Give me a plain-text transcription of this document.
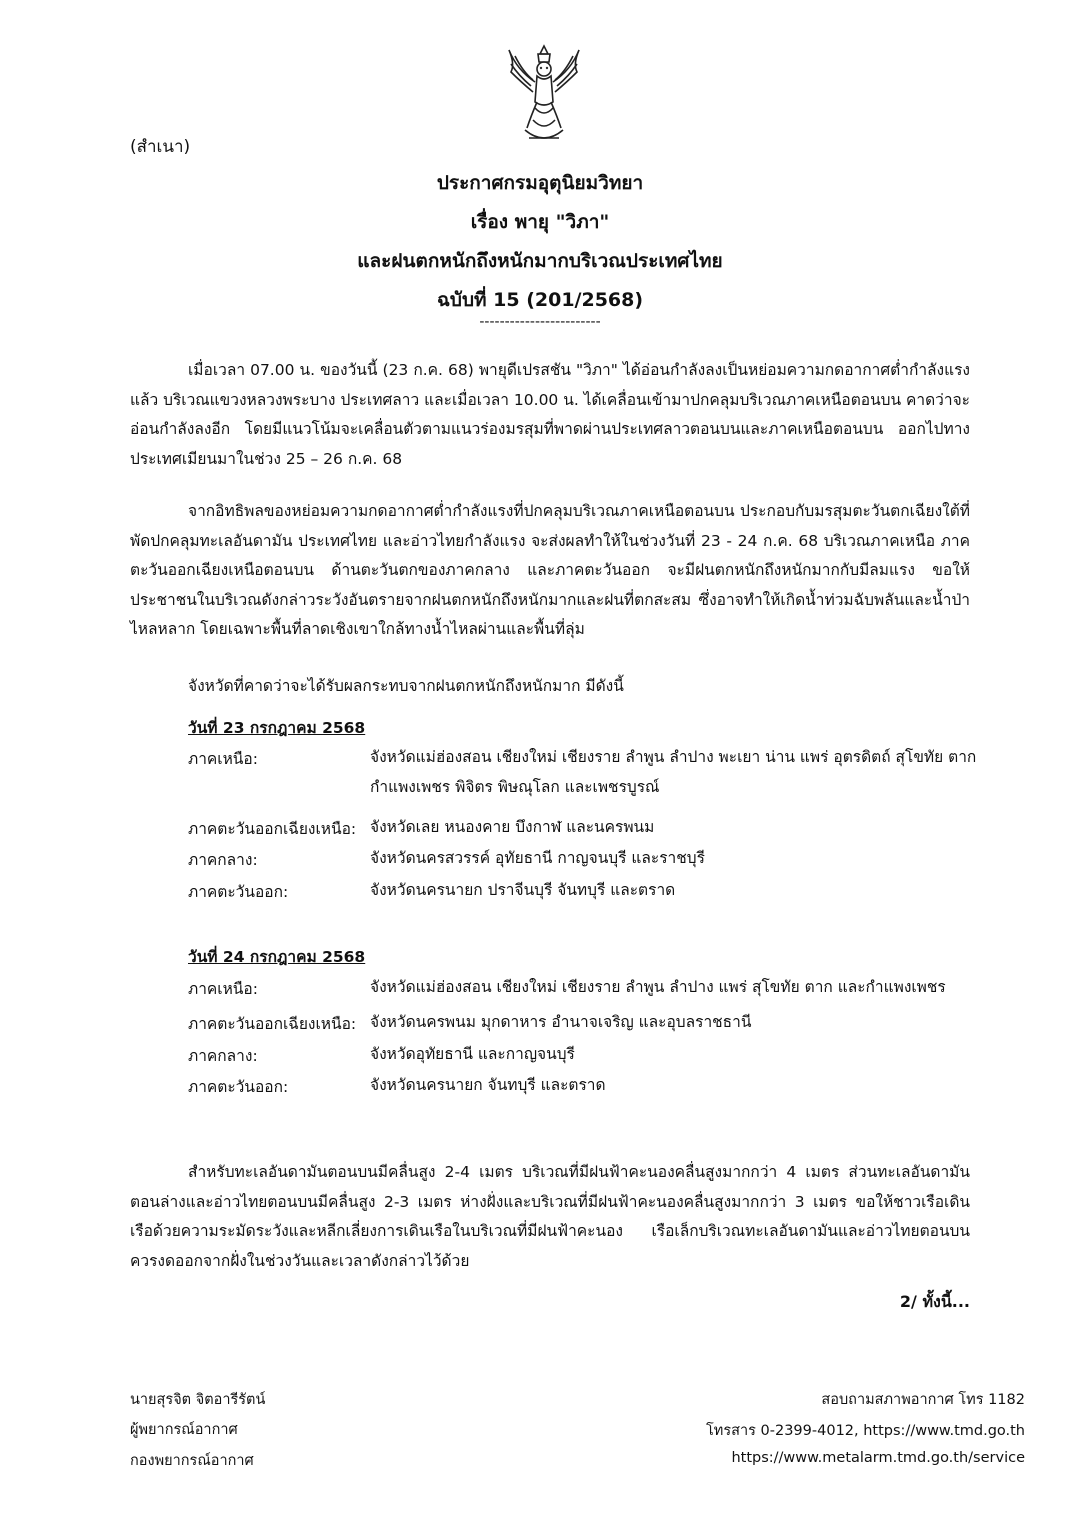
(สำเนา)
ประกาศกรมอุตุนิยมวิทยา
เรื่อง พายุ "วิภา"
และฝนตกหนักถึงหนักมากบริเวณประเทศไทย
ฉบับที่ 15 (201/2568)
------------------------
เมื่อเวลา 07.00 น. ของวันนี้ (23 ก.ค. 68) พายุดีเปรสชัน "วิภา" ได้อ่อนกำลังลงเป็นหย่อมความกดอากาศต่ำกำลังแรงแล้ว บริเวณแขวงหลวงพระบาง ประเทศลาว และเมื่อเวลา 10.00 น. ได้เคลื่อนเข้ามาปกคลุมบริเวณภาคเหนือตอนบน คาดว่าจะอ่อนกำลังลงอีก โดยมีแนวโน้มจะเคลื่อนตัวตามแนวร่องมรสุมที่พาดผ่านประเทศลาวตอนบนและภาคเหนือตอนบน ออกไปทางประเทศเมียนมาในช่วง 25 – 26 ก.ค. 68
จากอิทธิพลของหย่อมความกดอากาศต่ำกำลังแรงที่ปกคลุมบริเวณภาคเหนือตอนบน ประกอบกับมรสุมตะวันตกเฉียงใต้ที่พัดปกคลุมทะเลอันดามัน ประเทศไทย และอ่าวไทยกำลังแรง จะส่งผลทำให้ในช่วงวันที่ 23 - 24 ก.ค. 68 บริเวณภาคเหนือ ภาคตะวันออกเฉียงเหนือตอนบน ด้านตะวันตกของภาคกลาง และภาคตะวันออก จะมีฝนตกหนักถึงหนักมากกับมีลมแรง ขอให้ประชาชนในบริเวณดังกล่าวระวังอันตรายจากฝนตกหนักถึงหนักมากและฝนที่ตกสะสม ซึ่งอาจทำให้เกิดน้ำท่วมฉับพลันและน้ำป่าไหลหลาก โดยเฉพาะพื้นที่ลาดเชิงเขาใกล้ทางน้ำไหลผ่านและพื้นที่ลุ่ม
จังหวัดที่คาดว่าจะได้รับผลกระทบจากฝนตกหนักถึงหนักมาก มีดังนี้
วันที่ 23 กรกฎาคม 2568
ภาคเหนือ:	จังหวัดแม่ฮ่องสอน เชียงใหม่ เชียงราย ลำพูน ลำปาง พะเยา น่าน แพร่ อุตรดิตถ์ สุโขทัย ตาก กำแพงเพชร พิจิตร พิษณุโลก และเพชรบูรณ์
ภาคตะวันออกเฉียงเหนือ: จังหวัดเลย หนองคาย บึงกาฬ และนครพนม
ภาคกลาง:	จังหวัดนครสวรรค์ อุทัยธานี กาญจนบุรี และราชบุรี
ภาคตะวันออก:	จังหวัดนครนายก ปราจีนบุรี จันทบุรี และตราด
วันที่ 24 กรกฎาคม 2568
ภาคเหนือ:	จังหวัดแม่ฮ่องสอน เชียงใหม่ เชียงราย ลำพูน ลำปาง แพร่ สุโขทัย ตาก และกำแพงเพชร
ภาคตะวันออกเฉียงเหนือ: จังหวัดนครพนม มุกดาหาร อำนาจเจริญ และอุบลราชธานี
ภาคกลาง:	จังหวัดอุทัยธานี และกาญจนบุรี
ภาคตะวันออก:	จังหวัดนครนายก จันทบุรี และตราด
สำหรับทะเลอันดามันตอนบนมีคลื่นสูง 2-4 เมตร บริเวณที่มีฝนฟ้าคะนองคลื่นสูงมากกว่า 4 เมตร ส่วนทะเลอันดามันตอนล่างและอ่าวไทยตอนบนมีคลื่นสูง 2-3 เมตร ห่างฝั่งและบริเวณที่มีฝนฟ้าคะนองคลื่นสูงมากกว่า 3 เมตร ขอให้ชาวเรือเดินเรือด้วยความระมัดระวังและหลีกเลี่ยงการเดินเรือในบริเวณที่มีฝนฟ้าคะนอง เรือเล็กบริเวณทะเลอันดามันและอ่าวไทยตอนบนควรงดออกจากฝั่งในช่วงวันและเวลาดังกล่าวไว้ด้วย
2/ ทั้งนี้...
นายสุรจิต จิตอารีรัตน์
ผู้พยากรณ์อากาศ
กองพยากรณ์อากาศ
สอบถามสภาพอากาศ โทร 1182
โทรสาร 0-2399-4012, https://www.tmd.go.th
https://www.metalarm.tmd.go.th/service
